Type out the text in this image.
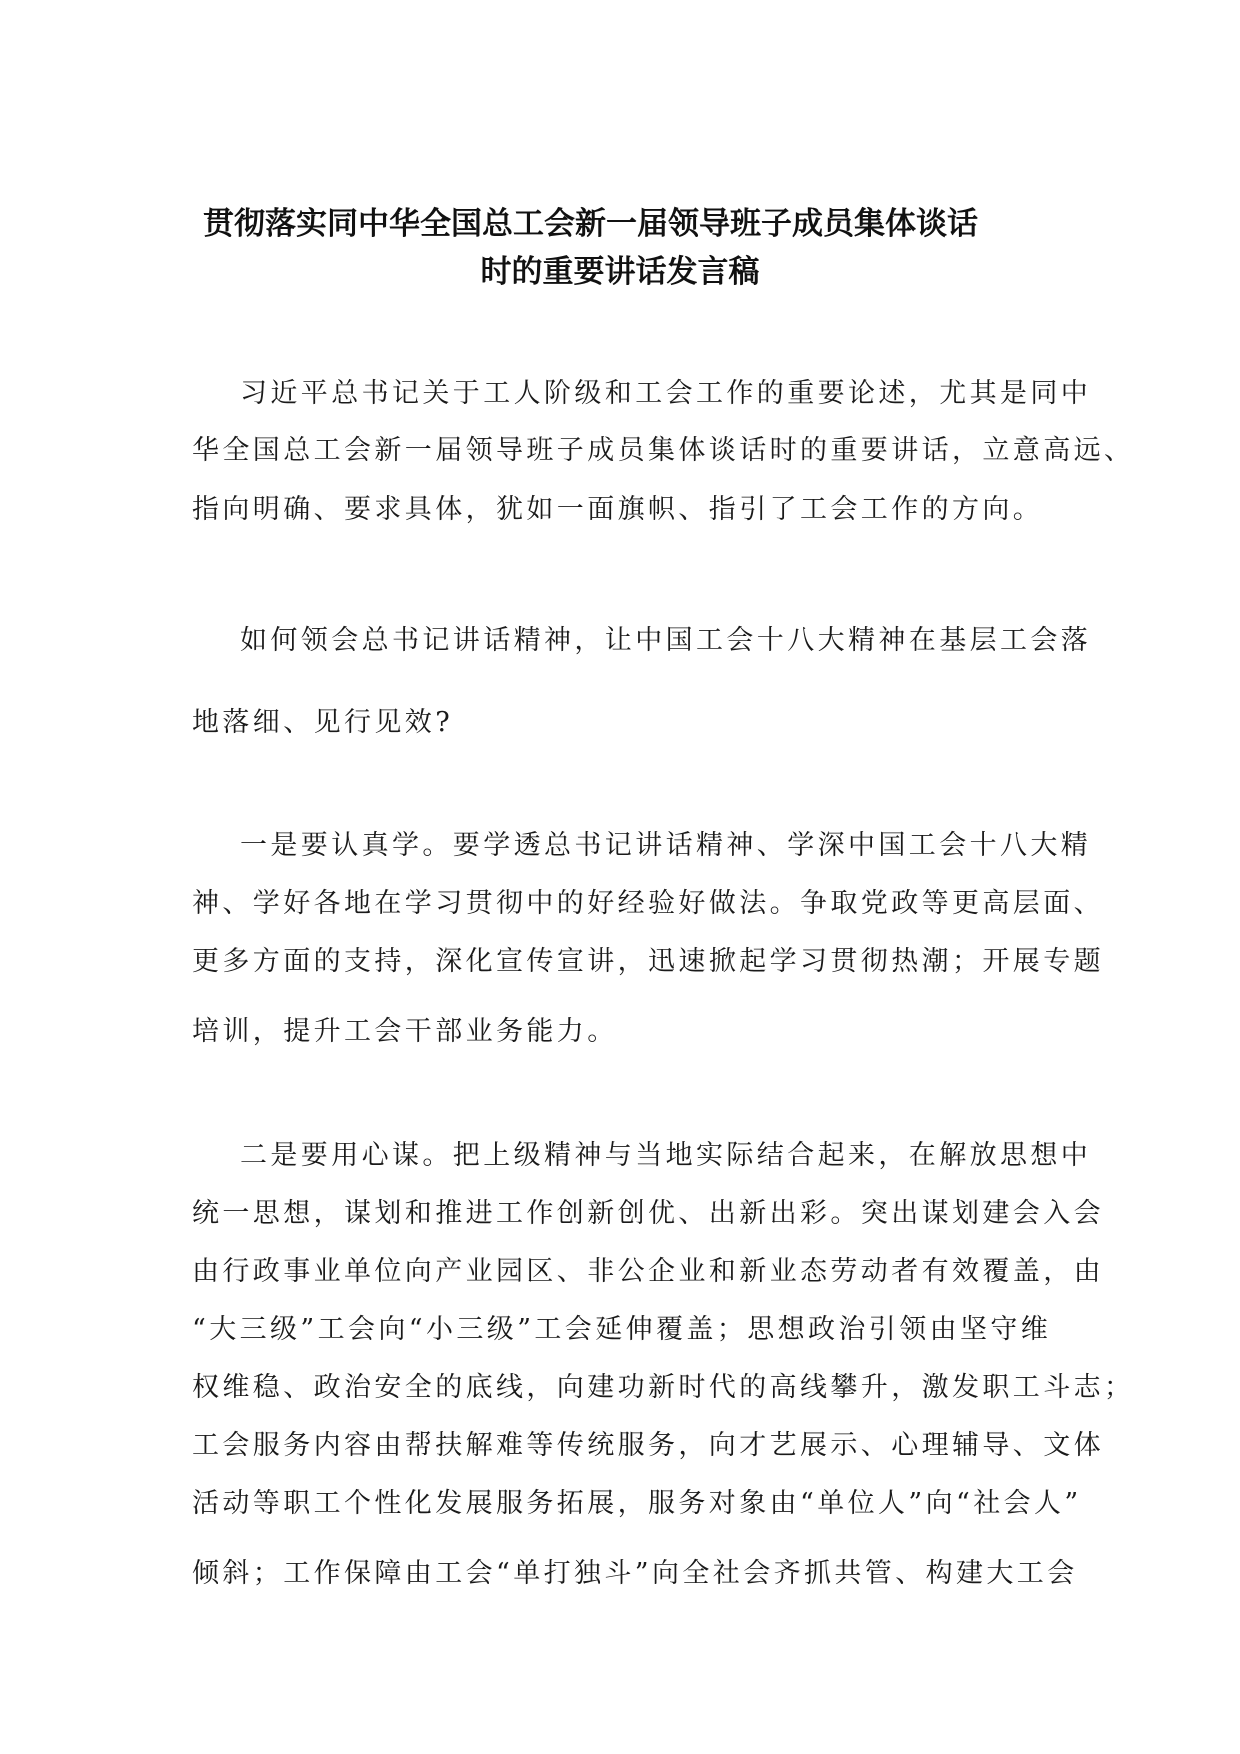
贯彻落实同中华全国总工会新一届领导班子成员集体谈话
时的重要讲话发言稿
习近平总书记关于工人阶级和工会工作的重要论述，尤其是同中
华全国总工会新一届领导班子成员集体谈话时的重要讲话，立意高远、
指向明确、要求具体，犹如一面旗帜、指引了工会工作的方向。
如何领会总书记讲话精神，让中国工会十八大精神在基层工会落
地落细、见行见效?
一是要认真学。要学透总书记讲话精神、学深中国工会十八大精
神、学好各地在学习贯彻中的好经验好做法。争取党政等更高层面、
更多方面的支持，深化宣传宣讲，迅速掀起学习贯彻热潮；开展专题
培训，提升工会干部业务能力。
二是要用心谋。把上级精神与当地实际结合起来，在解放思想中
统一思想，谋划和推进工作创新创优、出新出彩。突出谋划建会入会
由行政事业单位向产业园区、非公企业和新业态劳动者有效覆盖，由
“大三级”工会向“小三级”工会延伸覆盖；思想政治引领由坚守维
权维稳、政治安全的底线，向建功新时代的高线攀升，激发职工斗志；
工会服务内容由帮扶解难等传统服务，向才艺展示、心理辅导、文体
活动等职工个性化发展服务拓展，服务对象由“单位人”向“社会人”
倾斜；工作保障由工会“单打独斗”向全社会齐抓共管、构建大工会
